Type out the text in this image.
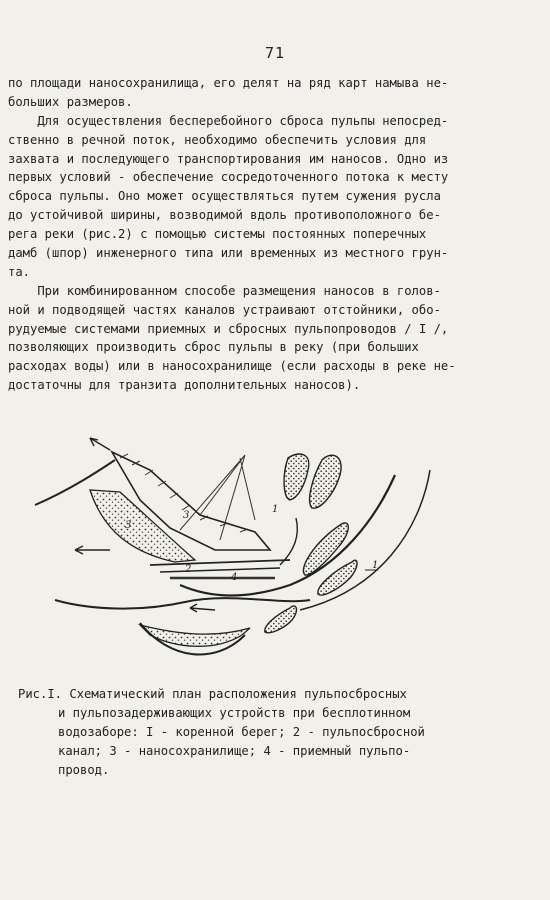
71
по площади наносохранилища, его делят на ряд карт намыва не-
больших размеров.
Для осуществления бесперебойного сброса пульпы непосред-
ственно в речной поток, необходимо обеспечить условия для
захвата и последующего транспортирования им наносов. Одно из
первых условий - обеспечение сосредоточенного потока к месту
сброса пульпы. Оно может осуществляться путем сужения русла
до устойчивой ширины, возводимой вдоль противоположного бе-
рега реки (рис.2) с помощью системы постоянных поперечных
дамб (шпор) инженерного типа или временных из местного грун-
та.
При комбинированном способе размещения наносов в голов-
ной и подводящей частях каналов устраивают отстойники, обо-
рудуемые системами приемных и сбросных пульпопроводов / I /,
позволяющих производить сброс пульпы в реку (при больших
расходах воды) или в наносохранилище (если расходы в реке не-
достаточны для транзита дополнительных наносов).
3
3
2
4
1
1
Рис.I. Схематический план расположения пульпосбросных
и пульпозадерживающих устройств при бесплотинном
водозаборе: I - коренной берег; 2 - пульпосбросной
канал; 3 - наносохранилище; 4 - приемный пульпо-
провод.
